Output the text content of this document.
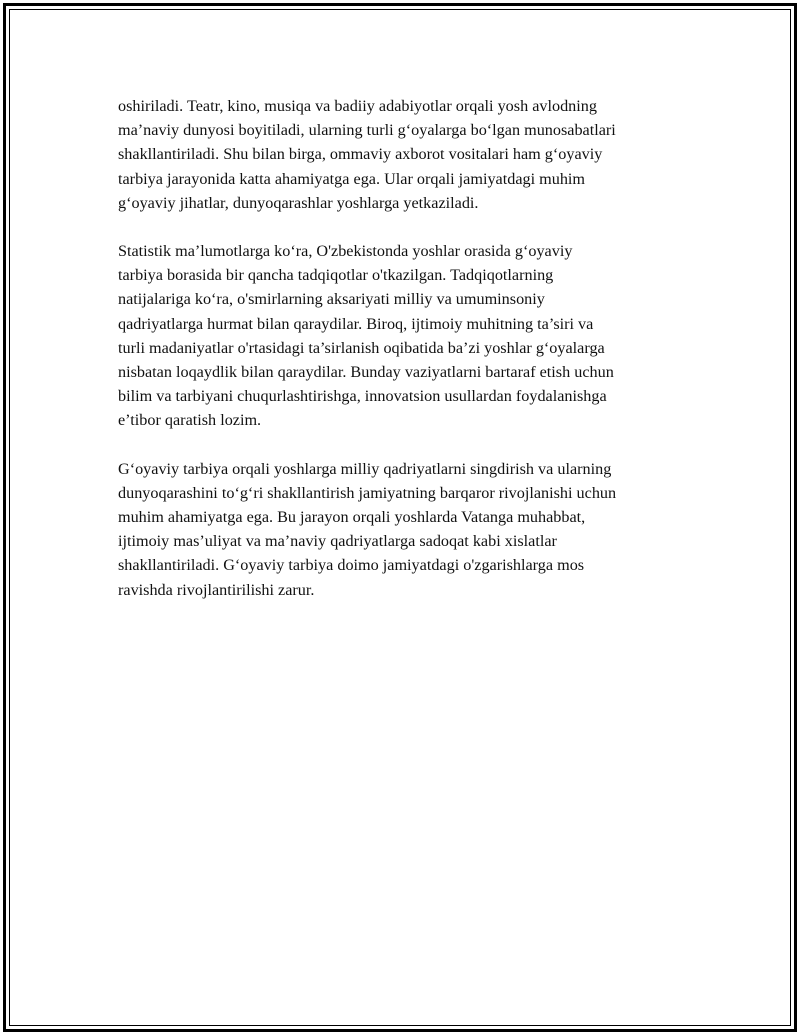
oshiriladi. Teatr, kino, musiqa va badiiy adabiyotlar orqali yosh avlodning
ma’naviy dunyosi boyitiladi, ularning turli g‘oyalarga bo‘lgan munosabatlari
shakllantiriladi. Shu bilan birga, ommaviy axborot vositalari ham g‘oyaviy
tarbiya jarayonida katta ahamiyatga ega. Ular orqali jamiyatdagi muhim
g‘oyaviy jihatlar, dunyoqarashlar yoshlarga yetkaziladi.

Statistik ma’lumotlarga ko‘ra, O'zbekistonda yoshlar orasida g‘oyaviy
tarbiya borasida bir qancha tadqiqotlar o'tkazilgan. Tadqiqotlarning
natijalariga ko‘ra, o'smirlarning aksariyati milliy va umuminsoniy
qadriyatlarga hurmat bilan qaraydilar. Biroq, ijtimoiy muhitning ta’siri va
turli madaniyatlar o'rtasidagi ta’sirlanish oqibatida ba’zi yoshlar g‘oyalarga
nisbatan loqaydlik bilan qaraydilar. Bunday vaziyatlarni bartaraf etish uchun
bilim va tarbiyani chuqurlashtirishga, innovatsion usullardan foydalanishga
e’tibor qaratish lozim.

G‘oyaviy tarbiya orqali yoshlarga milliy qadriyatlarni singdirish va ularning
dunyoqarashini to‘g‘ri shakllantirish jamiyatning barqaror rivojlanishi uchun
muhim ahamiyatga ega. Bu jarayon orqali yoshlarda Vatanga muhabbat,
ijtimoiy mas’uliyat va ma’naviy qadriyatlarga sadoqat kabi xislatlar
shakllantiriladi. G‘oyaviy tarbiya doimo jamiyatdagi o'zgarishlarga mos
ravishda rivojlantirilishi zarur.
